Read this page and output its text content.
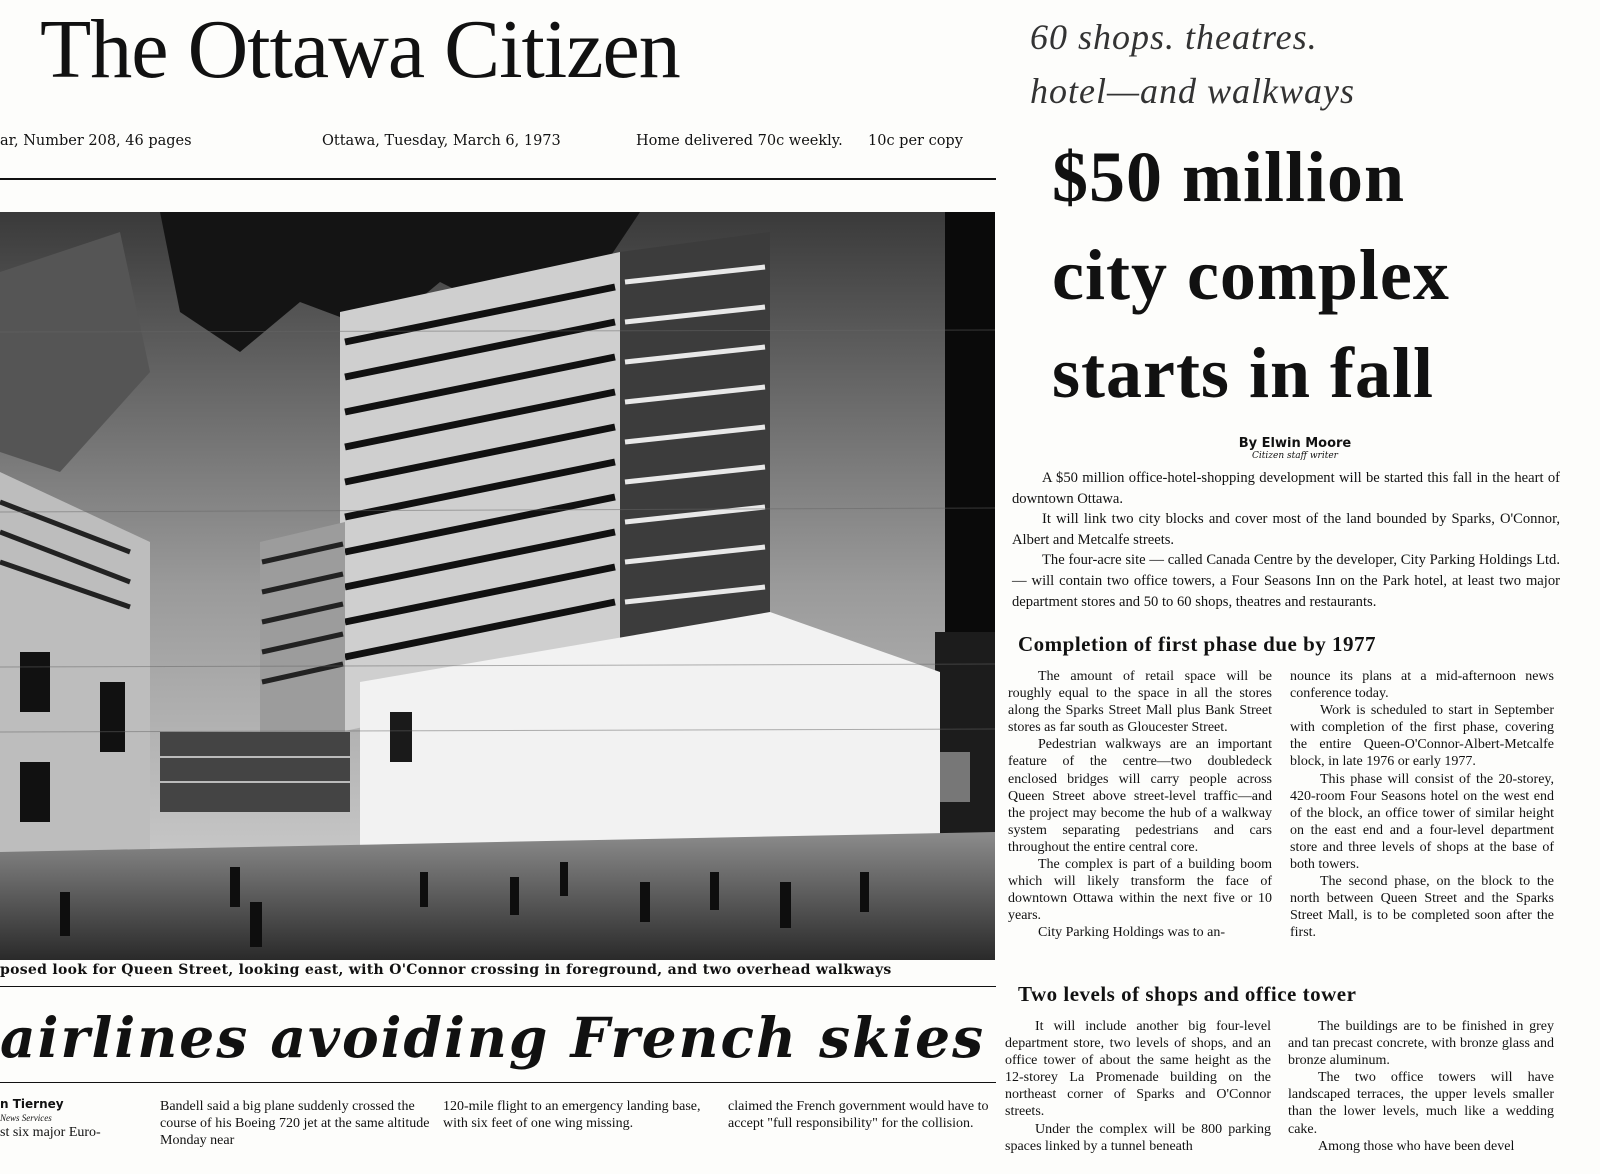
The Ottawa Citizen
ar, Number 208, 46 pages	Ottawa, Tuesday, March 6, 1973	Home delivered 70c weekly. 10c per copy
60 shops. theatres.
hotel—and walkways
$50 million
city complex
starts in fall
By Elwin Moore
Citizen staff writer

A $50 million office-hotel-shopping development will be started this fall in the heart of downtown Ottawa.

It will link two city blocks and cover most of the land bounded by Sparks, O'Connor, Albert and Metcalfe streets.

The four-acre site — called Canada Centre by the developer, City Parking Holdings Ltd. — will contain two office towers, a Four Seasons Inn on the Park hotel, at least two major department stores and 50 to 60 shops, theatres and restaurants.

Completion of first phase due by 1977

The amount of retail space will be roughly equal to the space in all the stores along the Sparks Street Mall plus Bank Street stores as far south as Gloucester Street.

Pedestrian walkways are an important feature of the centre—two doubledeck enclosed bridges will carry people across Queen Street above street-level traffic—and the project may become the hub of a walkway system separating pedestrians and cars throughout the entire central core.

The complex is part of a building boom which will likely transform the face of downtown Ottawa within the next five or 10 years.

City Parking Holdings was to an-

nounce its plans at a mid-afternoon news conference today.

Work is scheduled to start in September with completion of the first phase, covering the entire Queen-O'Connor-Albert-Metcalfe block, in late 1976 or early 1977.

This phase will consist of the 20-storey, 420-room Four Seasons hotel on the west end of the block, an office tower of similar height on the east end and a four-level department store and three levels of shops at the base of both towers.

The second phase, on the block to the north between Queen Street and the Sparks Street Mall, is to be completed soon after the first.

Two levels of shops and office tower

It will include another big four-level department store, two levels of shops, and an office tower of about the same height as the 12-storey La Promenade building on the northeast corner of Sparks and O'Connor streets.

Under the complex will be 800 parking spaces linked by a tunnel beneath

The buildings are to be finished in grey and tan precast concrete, with bronze glass and bronze aluminum.

The two office towers will have landscaped terraces, the upper levels smaller than the lower levels, much like a wedding cake.

Among those who have been devel

posed look for Queen Street, looking east, with O'Connor crossing in foreground, and two overhead walkways
airlines avoiding French skies
n Tierney
News Services
st six major Euro-
Bandell said a big plane suddenly crossed the course of his Boeing 720 jet at the same altitude Monday near
120-mile flight to an emergency landing base, with six feet of one wing missing.
claimed the French government would have to accept "full responsibility" for the collision.
